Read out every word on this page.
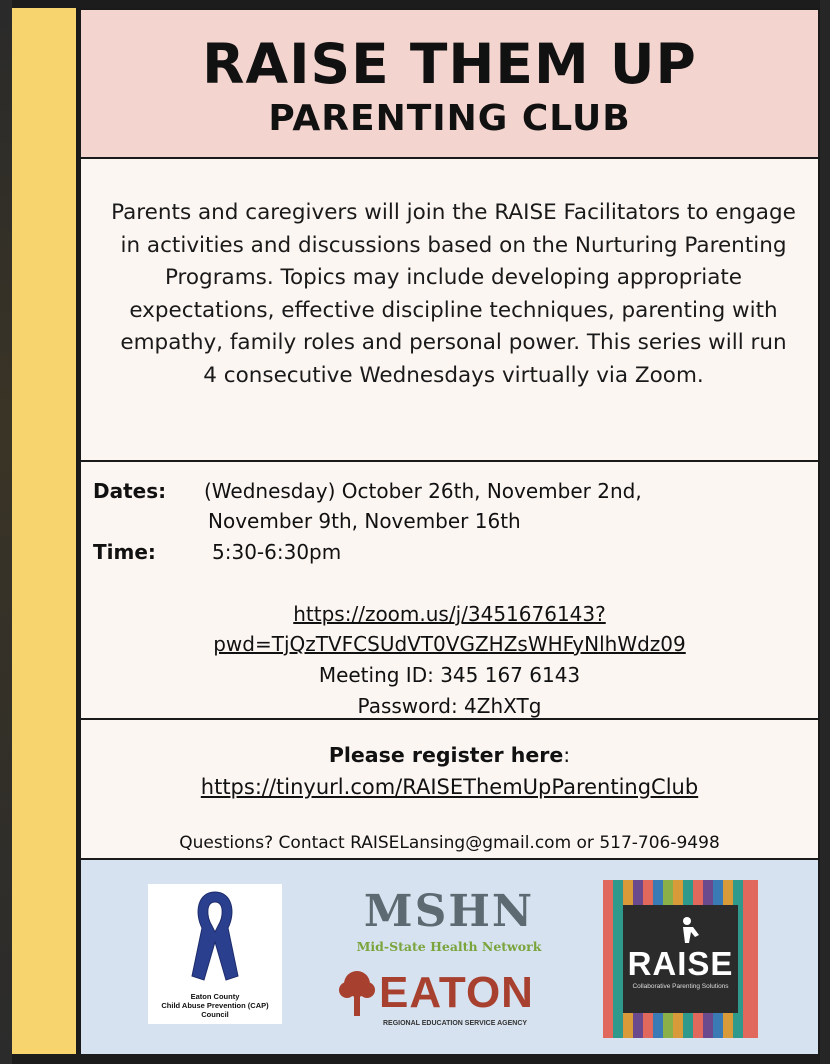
RAISE THEM UP
PARENTING CLUB

Parents and caregivers will join the RAISE Facilitators to engage in activities and discussions based on the Nurturing Parenting Programs. Topics may include developing appropriate expectations, effective discipline techniques, parenting with empathy, family roles and personal power. This series will run 4 consecutive Wednesdays virtually via Zoom.

Dates: (Wednesday) October 26th, November 2nd,
November 9th, November 16th
Time:	5:30-6:30pm
https://zoom.us/j/3451676143?
pwd=TjQzTVFCSUdVT0VGZHZsWHFyNlhWdz09
Meeting ID: 345 167 6143
Password: 4ZhXTg
Please register here:
https://tinyurl.com/RAISEThemUpParentingClub
Questions? Contact RAISELansing@gmail.com or 517-706-9498
Eaton County
Child Abuse Prevention (CAP)
Council
MSHN
Mid-State Health Network
EATON
REGIONAL EDUCATION SERVICE AGENCY
RAISE
Collaborative Parenting Solutions
